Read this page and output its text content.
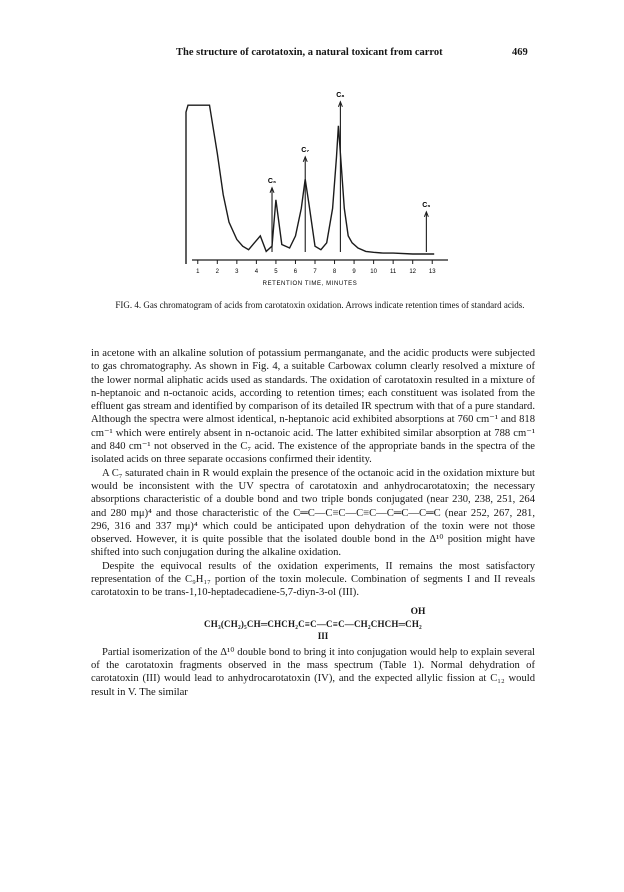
The structure of carotatoxin, a natural toxicant from carrot	469
C₆
C₇
C₈
C₉
1	2	3	4	5	6	7	8	9 10 11 12 13
RETENTION TIME, MINUTES
FIG. 4. Gas chromatogram of acids from carotatoxin oxidation. Arrows indicate retention times of standard acids.

in acetone with an alkaline solution of potassium permanganate, and the acidic products were subjected to gas chromatography. As shown in Fig. 4, a suitable Carbowax column clearly resolved a mixture of the lower normal aliphatic acids used as standards. The oxidation of carotatoxin resulted in a mixture of n-heptanoic and n-octanoic acids, according to retention times; each constituent was isolated from the effluent gas stream and identified by comparison of its detailed IR spectrum with that of a pure standard. Although the spectra were almost identical, n-heptanoic acid exhibited absorptions at 760 cm⁻¹ and 818 cm⁻¹ which were entirely absent in n-octanoic acid. The latter exhibited similar absorption at 788 cm⁻¹ and 840 cm⁻¹ not observed in the C₇ acid. The existence of the appropriate bands in the spectra of the isolated acids on three separate occasions confirmed their identity.

A C₇ saturated chain in R would explain the presence of the octanoic acid in the oxidation mixture but would be inconsistent with the UV spectra of carotatoxin and anhydrocarotatoxin; the necessary absorptions characteristic of a double bond and two triple bonds conjugated (near 230, 238, 251, 264 and 280 mμ)⁴ and those characteristic of the C═C—C≡C—C≡C—C═C—C═C (near 252, 267, 281, 296, 316 and 337 mμ)⁴ which could be anticipated upon dehydration of the toxin were not those observed. However, it is quite possible that the isolated double bond in the Δ¹⁰ position might have shifted into such conjugation during the alkaline oxidation.

Despite the equivocal results of the oxidation experiments, II remains the most satisfactory representation of the C₉H₁₇ portion of the toxin molecule. Combination of segments I and II reveals carotatoxin to be trans-1,10-heptadecadiene-5,7-diyn-3-ol (III).

OH
CH₃(CH₂)₅CH═CHCH₂C≡C—C≡C—CH₂CHCH═CH₂
III

Partial isomerization of the Δ¹⁰ double bond to bring it into conjugation would help to explain several of the carotatoxin fragments observed in the mass spectrum (Table 1). Normal dehydration of carotatoxin (III) would lead to anhydrocarotatoxin (IV), and the expected allylic fission at C₁₂ would result in V. The similar
